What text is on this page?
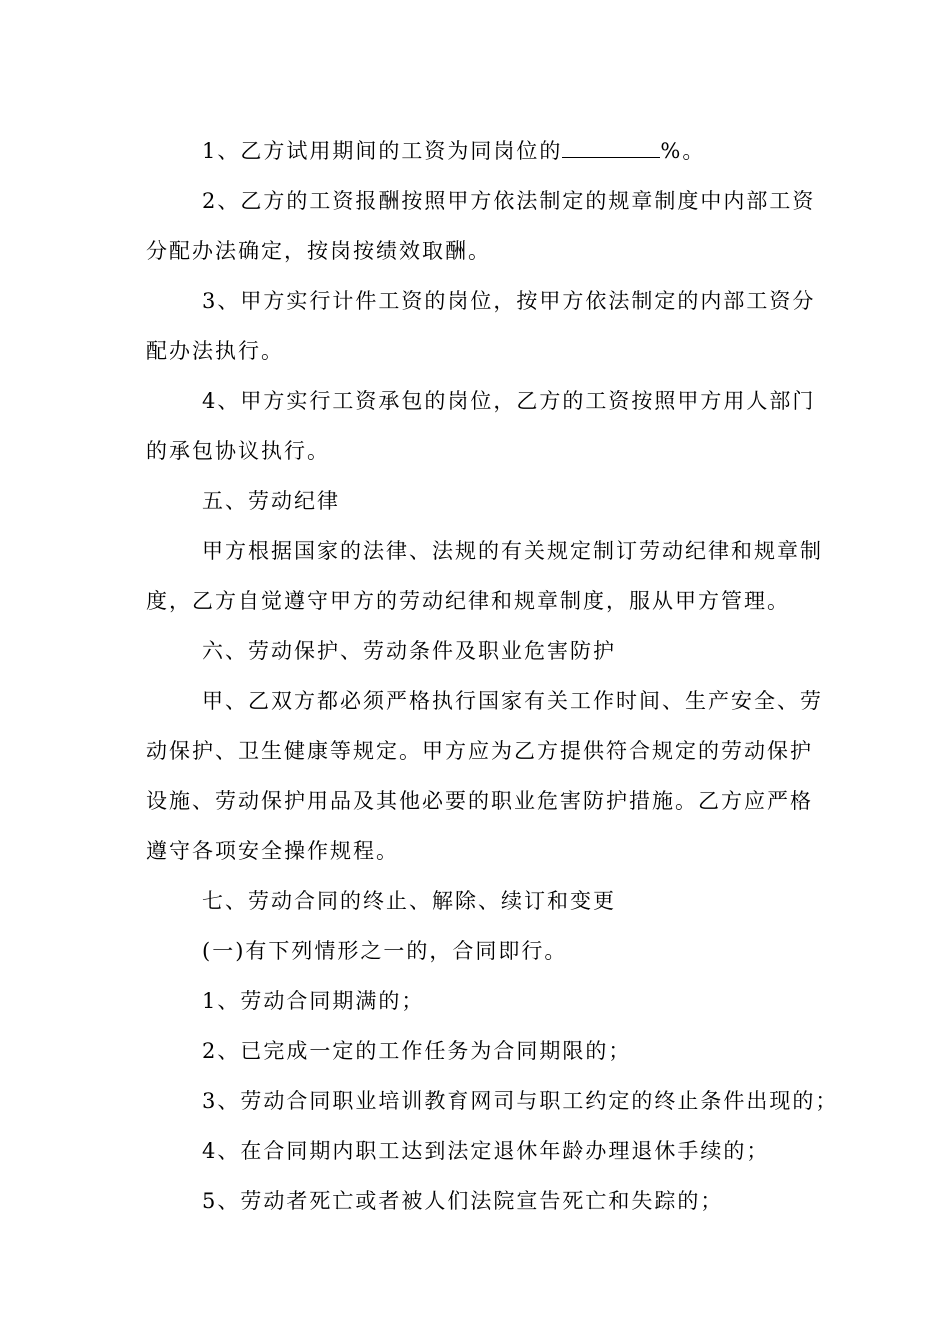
1、乙方试用期间的工资为同岗位的	%。
2、乙方的工资报酬按照甲方依法制定的规章制度中内部工资
分配办法确定，按岗按绩效取酬。
3、甲方实行计件工资的岗位，按甲方依法制定的内部工资分
配办法执行。
4、甲方实行工资承包的岗位，乙方的工资按照甲方用人部门
的承包协议执行。
五、劳动纪律
甲方根据国家的法律、法规的有关规定制订劳动纪律和规章制
度，乙方自觉遵守甲方的劳动纪律和规章制度，服从甲方管理。
六、劳动保护、劳动条件及职业危害防护
甲、乙双方都必须严格执行国家有关工作时间、生产安全、劳
动保护、卫生健康等规定。甲方应为乙方提供符合规定的劳动保护
设施、劳动保护用品及其他必要的职业危害防护措施。乙方应严格
遵守各项安全操作规程。
七、劳动合同的终止、解除、续订和变更
(一)有下列情形之一的，合同即行。
1、劳动合同期满的；
2、已完成一定的工作任务为合同期限的；
3、劳动合同职业培训教育网司与职工约定的终止条件出现的；
4、在合同期内职工达到法定退休年龄办理退休手续的；
5、劳动者死亡或者被人们法院宣告死亡和失踪的；
